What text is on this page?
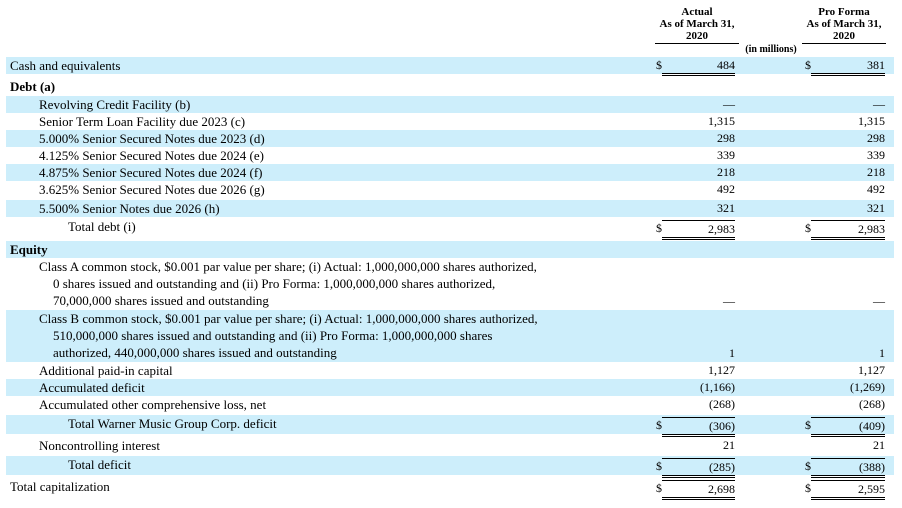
Actual
As of March 31,
2020
Pro Forma
As of March 31,
2020
(in millions)
Cash and equivalents	$	484	$	381
Debt (a)
Revolving Credit Facility (b)	—	—
Senior Term Loan Facility due 2023 (c)	1,315	1,315
5.000% Senior Secured Notes due 2023 (d)	298	298
4.125% Senior Secured Notes due 2024 (e)	339	339
4.875% Senior Secured Notes due 2024 (f)	218	218
3.625% Senior Secured Notes due 2026 (g)	492	492
5.500% Senior Notes due 2026 (h)	321	321
Total debt (i)	$	2,983	$	2,983
Equity
Class A common stock, $0.001 par value per share; (i) Actual: 1,000,000,000 shares authorized,
0 shares issued and outstanding and (ii) Pro Forma: 1,000,000,000 shares authorized,
70,000,000 shares issued and outstanding	—	—
Class B common stock, $0.001 par value per share; (i) Actual: 1,000,000,000 shares authorized,
510,000,000 shares issued and outstanding and (ii) Pro Forma: 1,000,000,000 shares
authorized, 440,000,000 shares issued and outstanding	1	1
Additional paid-in capital	1,127	1,127
Accumulated deficit	(1,166)	(1,269)
Accumulated other comprehensive loss, net	(268)	(268)
Total Warner Music Group Corp. deficit	$	(306)	$	(409)
Noncontrolling interest	21	21
Total deficit	$	(285)	$	(388)
Total capitalization	$	2,698	$	2,595
